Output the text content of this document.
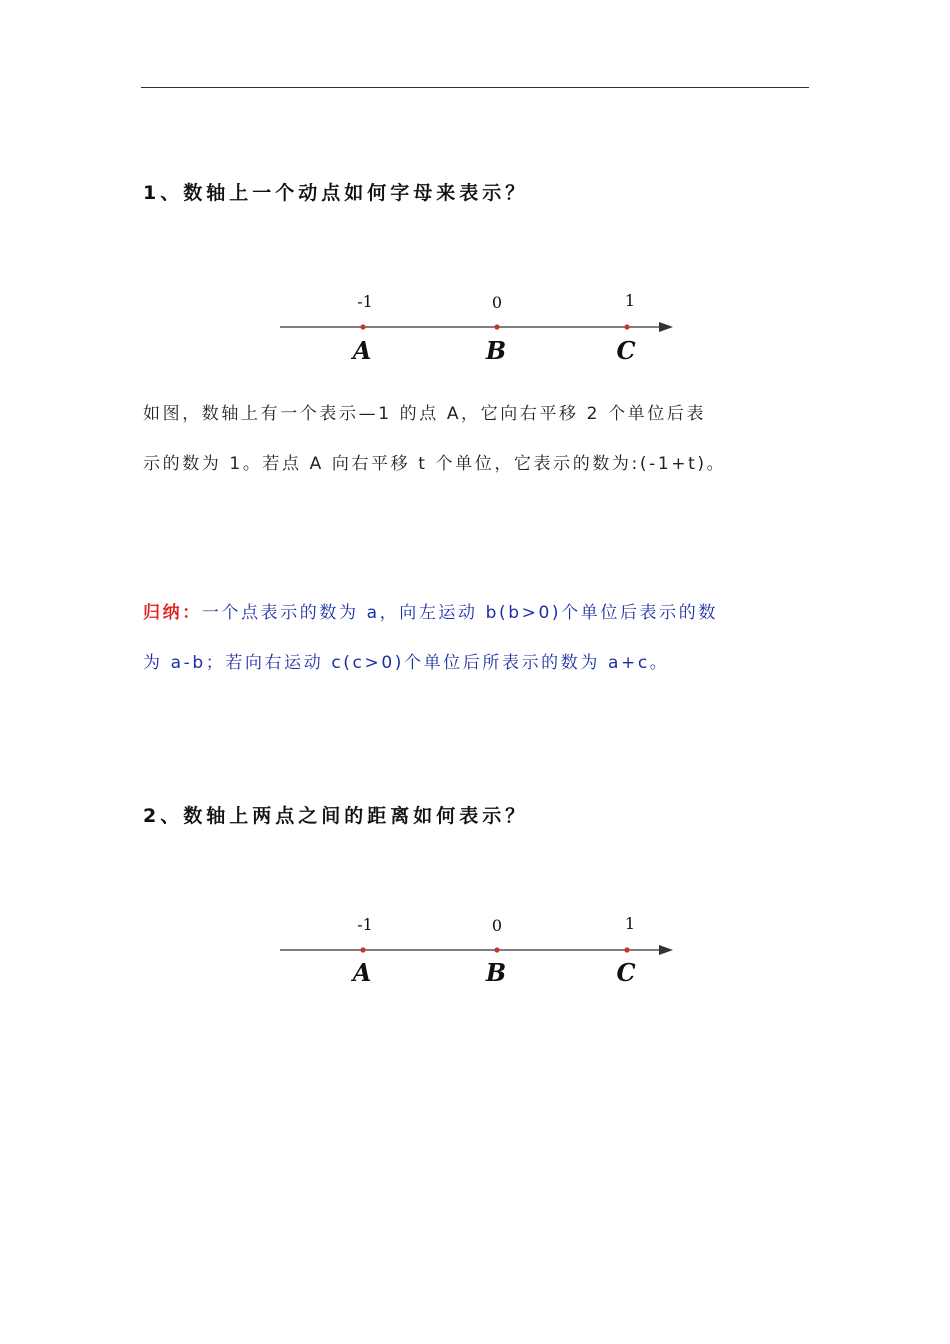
1、数轴上一个动点如何字母来表示？
-1	0	1
A	B	C
如图，数轴上有一个表示—1 的点 A，它向右平移 2 个单位后表
示的数为 1。若点 A 向右平移 t 个单位，它表示的数为:(-1+t)。
归纳：一个点表示的数为 a，向左运动 b(b>0)个单位后表示的数
为 a-b；若向右运动 c(c>0)个单位后所表示的数为 a+c。
2、数轴上两点之间的距离如何表示？
-1	0	1
A	B	C
